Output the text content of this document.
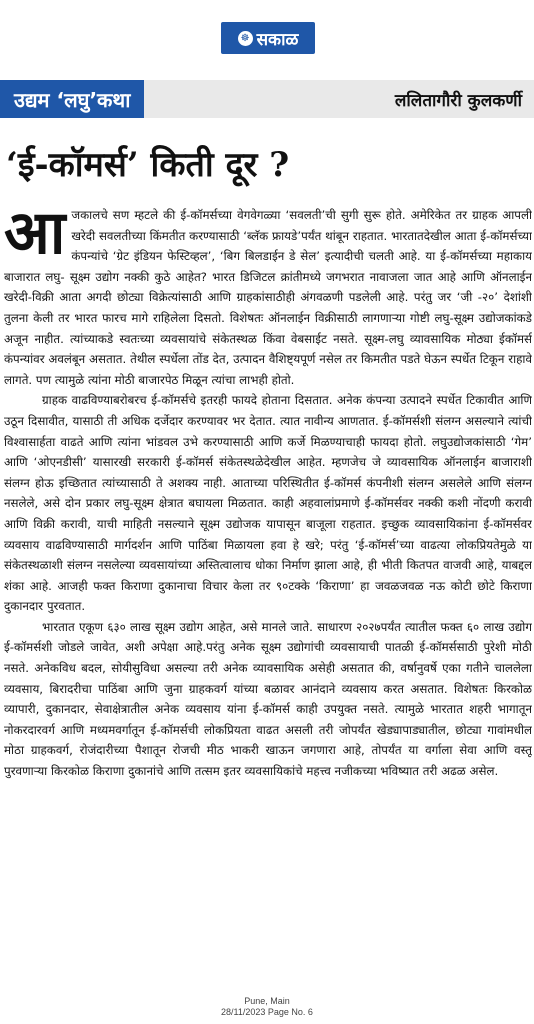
☸ सकाळ
उद्यम ‘लघु’कथा	ललितागौरी कुलकर्णी
‘ई-कॉमर्स’ किती दूर ?

आजकालचे सण म्हटले की ई-कॉमर्सच्या वेगवेगळ्या ‘सवलती’ची सुगी सुरू होते. अमेरिकेत तर ग्राहक आपली खरेदी सवलतीच्या किंमतीत करण्यासाठी ‘ब्लॅक फ्रायडे’पर्यंत थांबून राहतात. भारतातदेखील आता ई-कॉमर्सच्या कंपन्यांचे ‘ग्रेट इंडियन फेस्टिव्हल’, ‘बिग बिलडाईन डे सेल’ इत्यादीची चलती आहे. या ई-कॉमर्सच्या महाकाय बाजारात लघु- सूक्ष्म उद्योग नक्की कुठे आहेत? भारत डिजिटल क्रांतीमध्ये जगभरात नावाजला जात आहे आणि ऑनलाईन खरेदी-विक्री आता अगदी छोट्या विक्रेत्यांसाठी आणि ग्राहकांसाठीही अंगवळणी पडलेली आहे. परंतु जर ‘जी -२०’ देशांशी तुलना केली तर भारत फारच मागे राहिलेला दिसतो. विशेषतः ऑनलाईन विक्रीसाठी लागणाऱ्या गोष्टी लघु-सूक्ष्म उद्योजकांकडे अजून नाहीत. त्यांच्याकडे स्वतःच्या व्यवसायांचे संकेतस्थळ किंवा वेबसाईट नसते. सूक्ष्म-लघु व्यावसायिक मोठ्या ईकॉमर्स कंपन्यांवर अवलंबून असतात. तेथील स्पर्धेला तोंड देत, उत्पादन वैशिष्ट्यपूर्ण नसेल तर किमतीत पडते घेऊन स्पर्धेत टिकून राहावे लागते. पण त्यामुळे त्यांना मोठी बाजारपेठ मिळून त्यांचा लाभही होतो.

ग्राहक वाढविण्याबरोबरच ई-कॉमर्सचे इतरही फायदे होताना दिसतात. अनेक कंपन्या उत्पादने स्पर्धेत टिकावीत आणि उठून दिसावीत, यासाठी ती अधिक दर्जेदार करण्यावर भर देतात. त्यात नावीन्य आणतात. ई-कॉमर्सशी संलग्न असल्याने त्यांची विश्वासार्हता वाढते आणि त्यांना भांडवल उभे करण्यासाठी आणि कर्जे मिळण्याचाही फायदा होतो. लघुउद्योजकांसाठी ‘गेम’ आणि ‘ओएनडीसी’ यासारखी सरकारी ई-कॉमर्स संकेतस्थळेदेखील आहेत. म्हणजेच जे व्यावसायिक ऑनलाईन बाजाराशी संलग्न होऊ इच्छितात त्यांच्यासाठी ते अशक्य नाही. आताच्या परिस्थितीत ई-कॉमर्स कंपनीशी संलग्न असलेले आणि संलग्न नसलेले, असे दोन प्रकार लघु-सूक्ष्म क्षेत्रात बघायला मिळतात. काही अहवालांप्रमाणे ई-कॉमर्सवर नक्की कशी नोंदणी करावी आणि विक्री करावी, याची माहिती नसल्याने सूक्ष्म उद्योजक यापासून बाजूला राहतात. इच्छुक व्यावसायिकांना ई-कॉमर्सवर व्यवसाय वाढविण्यासाठी मार्गदर्शन आणि पाठिंबा मिळायला हवा हे खरे; परंतु ‘ई-कॉमर्स’च्या वाढत्या लोकप्रियतेमुळे या संकेतस्थळाशी संलग्न नसलेल्या व्यवसायांच्या अस्तित्वालाच धोका निर्माण झाला आहे, ही भीती कितपत वाजवी आहे, याबद्दल शंका आहे. आजही फक्त किराणा दुकानाचा विचार केला तर ९०टक्के ‘किराणा’ हा जवळजवळ नऊ कोटी छोटे किराणा दुकानदार पुरवतात.

भारतात एकूण ६३० लाख सूक्ष्म उद्योग आहेत, असे मानले जाते. साधारण २०२७पर्यंत त्यातील फक्त ६० लाख उद्योग ई-कॉमर्सशी जोडले जावेत, अशी अपेक्षा आहे.परंतु अनेक सूक्ष्म उद्योगांची व्यवसायाची पातळी ई-कॉमर्ससाठी पुरेशी मोठी नसते. अनेकविध बदल, सोयीसुविधा असल्या तरी अनेक व्यावसायिक असेही असतात की, वर्षानुवर्षे एका गतीने चाललेला व्यवसाय, बिरादरीचा पाठिंबा आणि जुना ग्राहकवर्ग यांच्या बळावर आनंदाने व्यवसाय करत असतात. विशेषतः किरकोळ व्यापारी, दुकानदार, सेवाक्षेत्रातील अनेक व्यवसाय यांना ई-कॉमर्स काही उपयुक्त नसते. त्यामुळे भारतात शहरी भागातून नोकरदारवर्ग आणि मध्यमवर्गातून ई-कॉमर्सची लोकप्रियता वाढत असली तरी जोपर्यंत खेड्यापाड्यातील, छोट्या गावांमधील मोठा ग्राहकवर्ग, रोजंदारीच्या पैशातून रोजची मीठ भाकरी खाऊन जगणारा आहे, तोपर्यंत या वर्गाला सेवा आणि वस्तू पुरवणाऱ्या किरकोळ किराणा दुकानांचे आणि तत्सम इतर व्यवसायिकांचे महत्त्व नजीकच्या भविष्यात तरी अढळ असेल.

Pune, Main
28/11/2023 Page No. 6
